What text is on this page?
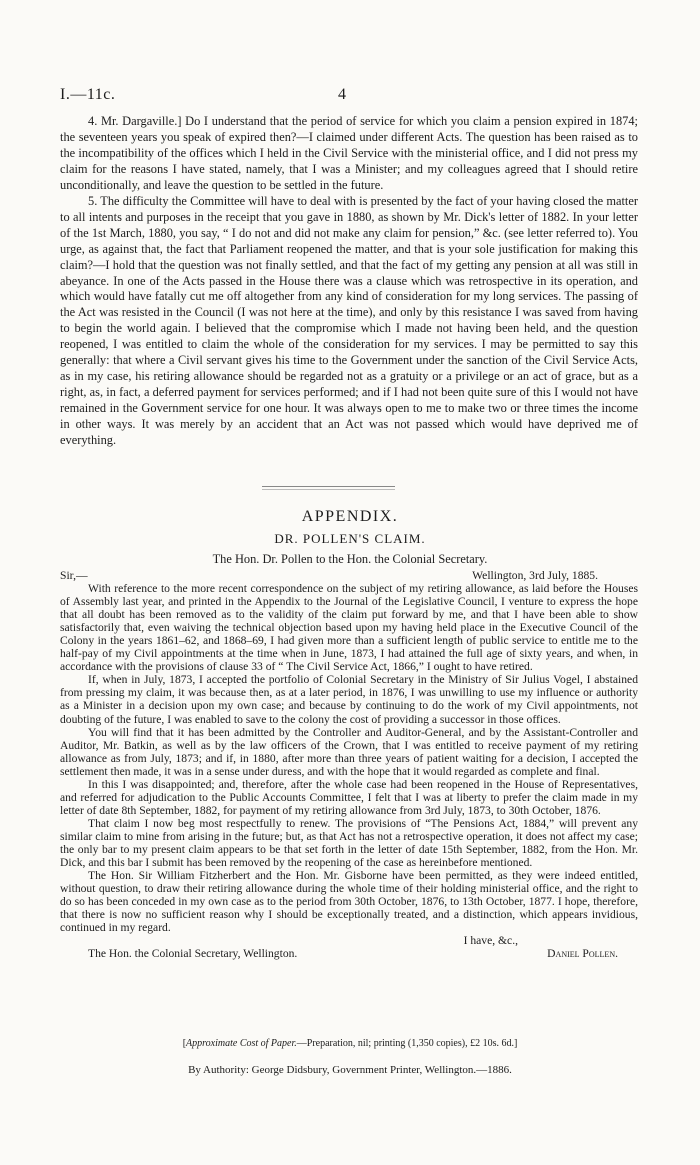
I.—11c.	4

4. Mr. Dargaville.] Do I understand that the period of service for which you claim a pension expired in 1874; the seventeen years you speak of expired then?—I claimed under different Acts. The question has been raised as to the incompatibility of the offices which I held in the Civil Service with the ministerial office, and I did not press my claim for the reasons I have stated, namely, that I was a Minister; and my colleagues agreed that I should retire unconditionally, and leave the question to be settled in the future.

5. The difficulty the Committee will have to deal with is presented by the fact of your having closed the matter to all intents and purposes in the receipt that you gave in 1880, as shown by Mr. Dick's letter of 1882. In your letter of the 1st March, 1880, you say, “ I do not and did not make any claim for pension,” &c. (see letter referred to). You urge, as against that, the fact that Parliament reopened the matter, and that is your sole justification for making this claim?—I hold that the question was not finally settled, and that the fact of my getting any pension at all was still in abeyance. In one of the Acts passed in the House there was a clause which was retrospective in its operation, and which would have fatally cut me off altogether from any kind of consideration for my long services. The passing of the Act was resisted in the Council (I was not here at the time), and only by this resistance I was saved from having to begin the world again. I believed that the compromise which I made not having been held, and the question reopened, I was entitled to claim the whole of the consideration for my services. I may be permitted to say this generally: that where a Civil servant gives his time to the Government under the sanction of the Civil Service Acts, as in my case, his retiring allowance should be regarded not as a gratuity or a privilege or an act of grace, but as a right, as, in fact, a deferred payment for services performed; and if I had not been quite sure of this I would not have remained in the Government service for one hour. It was always open to me to make two or three times the income in other ways. It was merely by an accident that an Act was not passed which would have deprived me of everything.

APPENDIX.
DR. POLLEN'S CLAIM.
The Hon. Dr. Pollen to the Hon. the Colonial Secretary.
Sir,—	Wellington, 3rd July, 1885.

With reference to the more recent correspondence on the subject of my retiring allowance, as laid before the Houses of Assembly last year, and printed in the Appendix to the Journal of the Legislative Council, I venture to express the hope that all doubt has been removed as to the validity of the claim put forward by me, and that I have been able to show satisfactorily that, even waiving the technical objection based upon my having held place in the Executive Council of the Colony in the years 1861–62, and 1868–69, I had given more than a sufficient length of public service to entitle me to the half-pay of my Civil appointments at the time when in June, 1873, I had attained the full age of sixty years, and when, in accordance with the provisions of clause 33 of “ The Civil Service Act, 1866,” I ought to have retired.

If, when in July, 1873, I accepted the portfolio of Colonial Secretary in the Ministry of Sir Julius Vogel, I abstained from pressing my claim, it was because then, as at a later period, in 1876, I was unwilling to use my influence or authority as a Minister in a decision upon my own case; and because by continuing to do the work of my Civil appointments, not doubting of the future, I was enabled to save to the colony the cost of providing a successor in those offices.

You will find that it has been admitted by the Controller and Auditor-General, and by the Assistant-Controller and Auditor, Mr. Batkin, as well as by the law officers of the Crown, that I was entitled to receive payment of my retiring allowance as from July, 1873; and if, in 1880, after more than three years of patient waiting for a decision, I accepted the settlement then made, it was in a sense under duress, and with the hope that it would regarded as complete and final.

In this I was disappointed; and, therefore, after the whole case had been reopened in the House of Representatives, and referred for adjudication to the Public Accounts Committee, I felt that I was at liberty to prefer the claim made in my letter of date 8th September, 1882, for payment of my retiring allowance from 3rd July, 1873, to 30th October, 1876.

That claim I now beg most respectfully to renew. The provisions of “The Pensions Act, 1884,” will prevent any similar claim to mine from arising in the future; but, as that Act has not a retrospective operation, it does not affect my case; the only bar to my present claim appears to be that set forth in the letter of date 15th September, 1882, from the Hon. Mr. Dick, and this bar I submit has been removed by the reopening of the case as hereinbefore mentioned.

The Hon. Sir William Fitzherbert and the Hon. Mr. Gisborne have been permitted, as they were indeed entitled, without question, to draw their retiring allowance during the whole time of their holding ministerial office, and the right to do so has been conceded in my own case as to the period from 30th October, 1876, to 13th October, 1877. I hope, therefore, that there is now no sufficient reason why I should be exceptionally treated, and a distinction, which appears invidious, continued in my regard.

I have, &c.,
The Hon. the Colonial Secretary, Wellington.	Daniel Pollen.
[Approximate Cost of Paper.—Preparation, nil; printing (1,350 copies), £2 10s. 6d.]
By Authority: George Didsbury, Government Printer, Wellington.—1886.
